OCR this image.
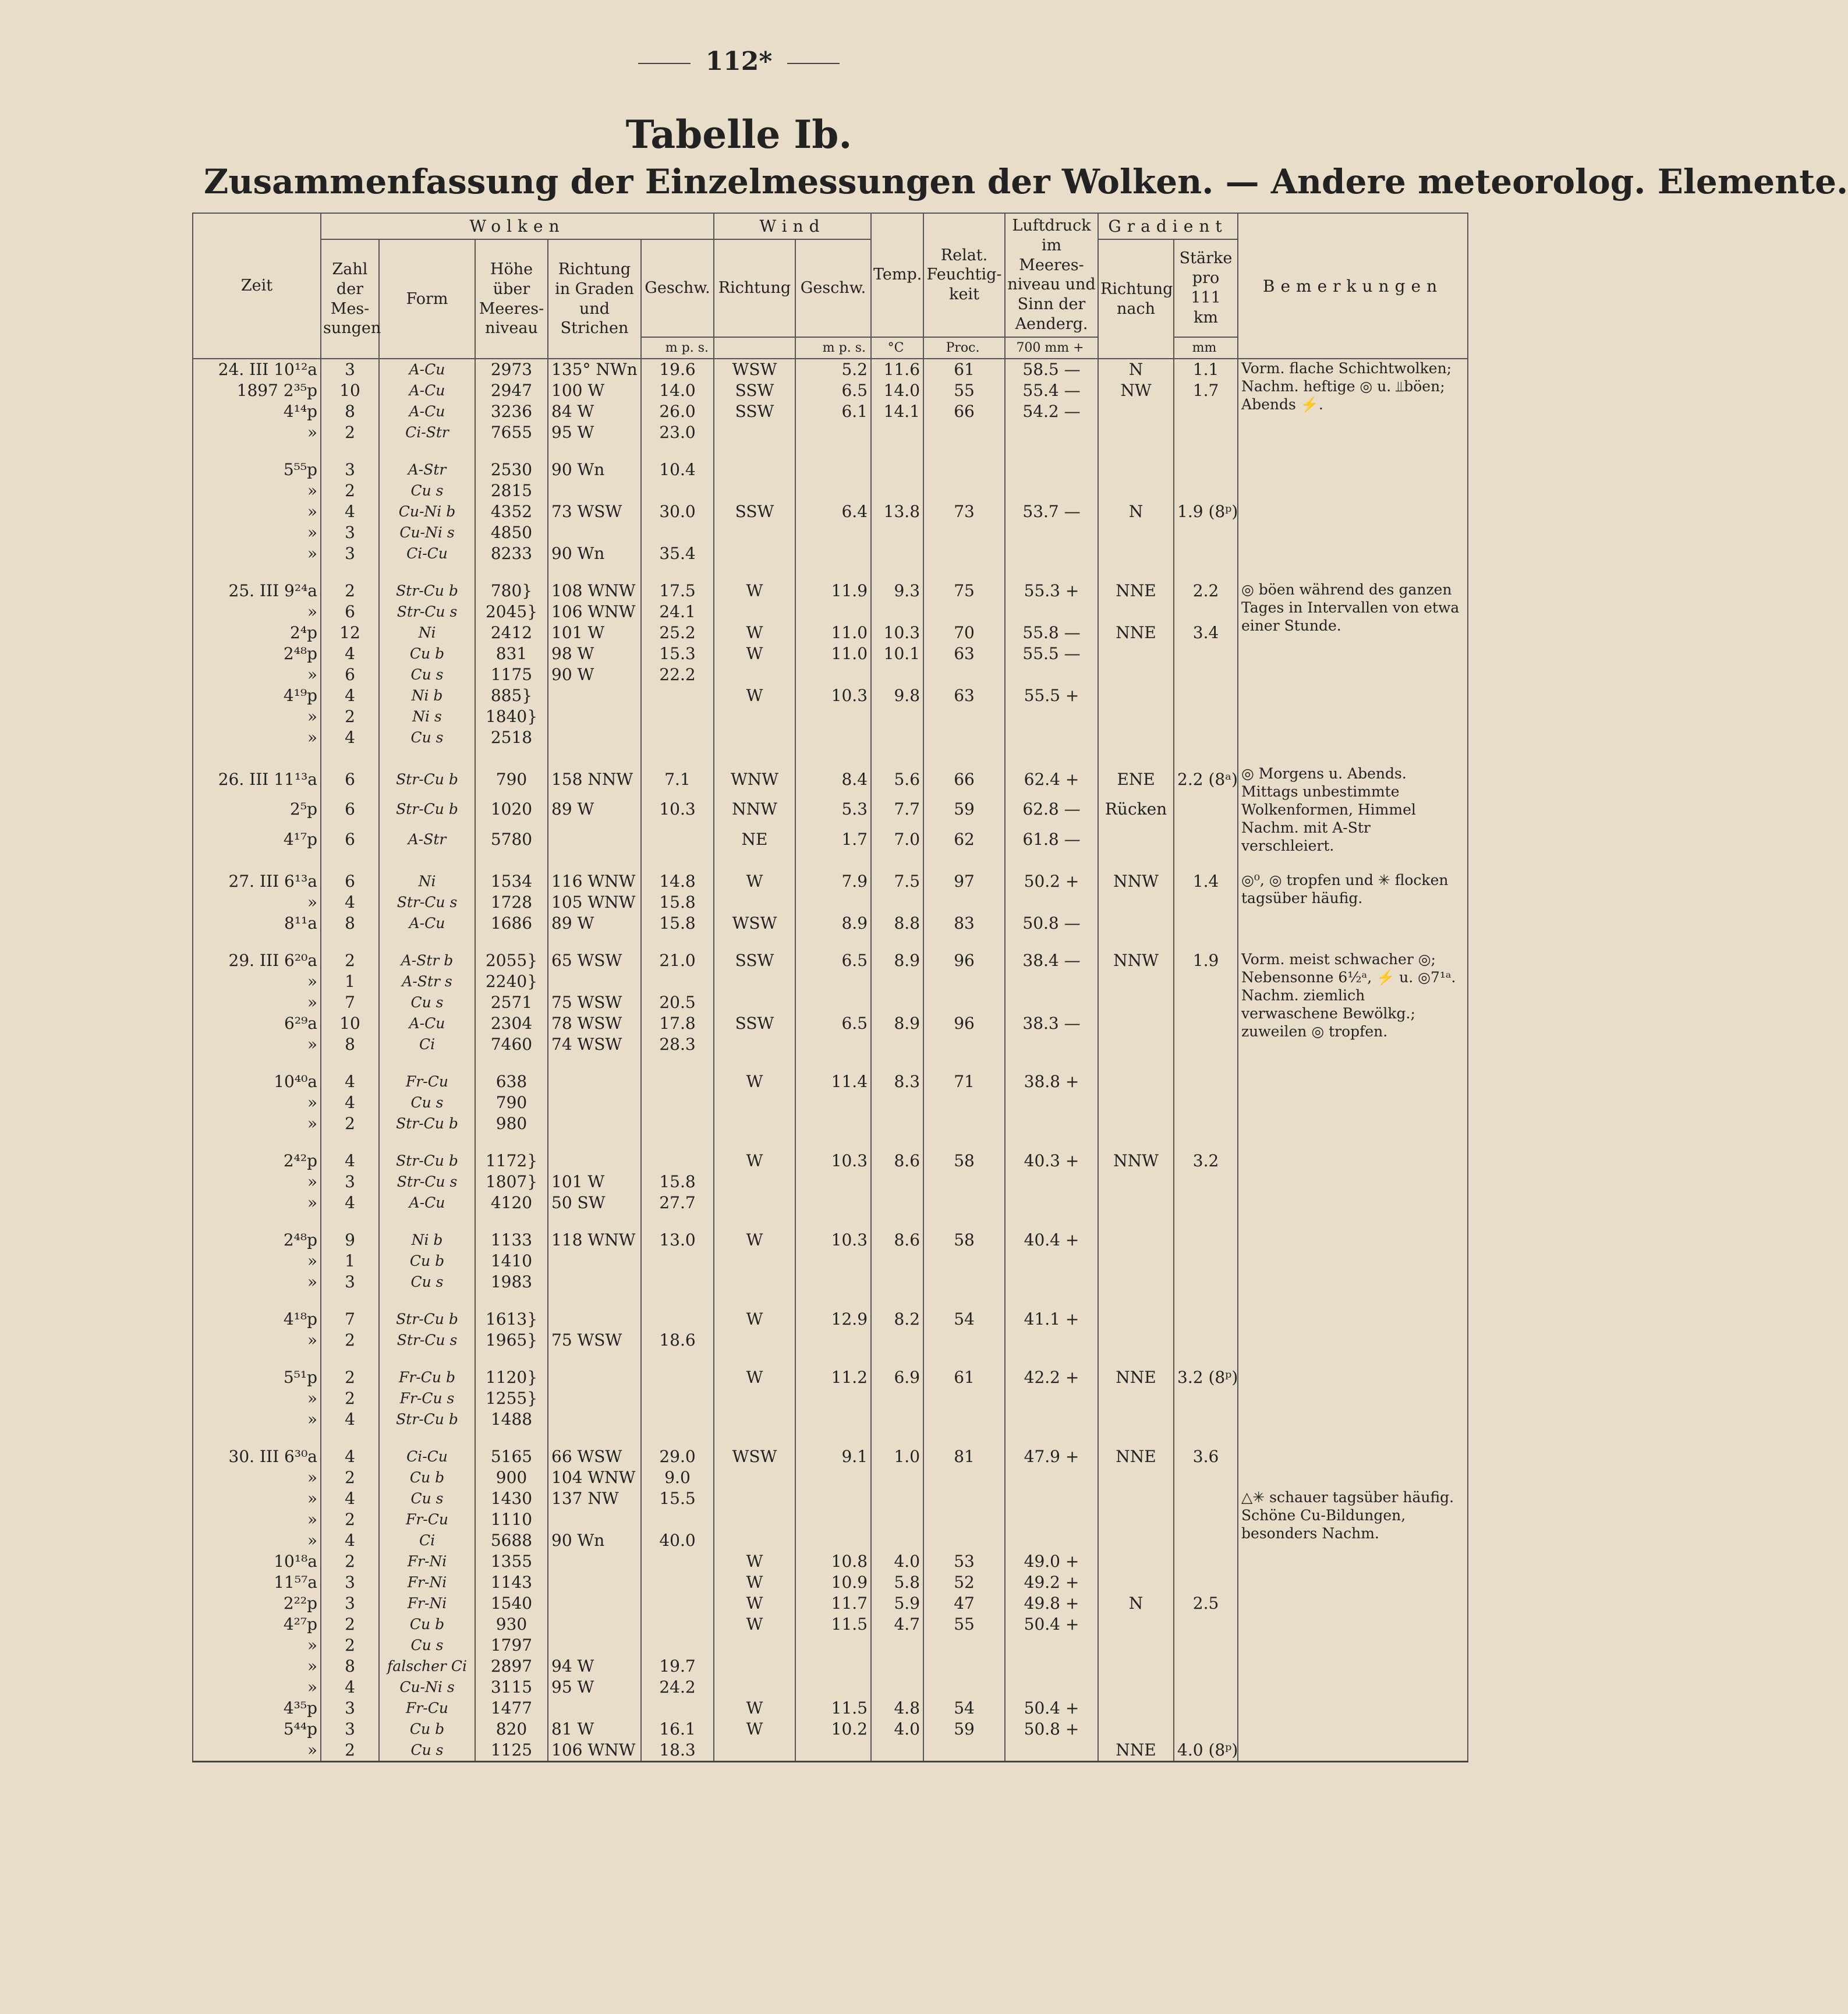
112*
Tabelle Ib.
Zusammenfassung der Einzelmessungen der Wolken. — Andere meteorolog. Elemente.
Zeit	Wolken					Wind		Temp.	Relat. Feuchtig- keit	Luftdruck im Meeres- niveau und Sinn der Aenderg.	Gradient		Bemerkungen
	Zahl der Mes- sungen	Form	Höhe über Meeres- niveau	Richtung in Graden und Strichen	Geschw.	Richtung	Geschw.				Richtung nach	Stärke pro 111 km	
					m p. s.		m p. s.	°C	Proc.	700 mm +		mm	
24. III 10¹²a	3	A-Cu	2973	135° NWn	19.6	WSW	5.2	11.6	61	58.5 —	N	1.1	Vorm. flache Schichtwolken; Nachm. heftige ◎ u. ⫫böen; Abends ⚡.
1897 2³⁵p	10	A-Cu	2947	100 W	14.0	SSW	6.5	14.0	55	55.4 —	NW	1.7	
4¹⁴p	8	A-Cu	3236	84 W	26.0	SSW	6.1	14.1	66	54.2 —			
»	2	Ci-Str	7655	95 W	23.0								

5⁵⁵p	3	A-Str	2530	90 Wn	10.4								
»	2	Cu s	2815										
»	4	Cu-Ni b	4352	73 WSW	30.0	SSW	6.4	13.8	73	53.7 —	N	1.9 (8ᵖ)	
»	3	Cu-Ni s	4850										
»	3	Ci-Cu	8233	90 Wn	35.4								

25. III 9²⁴a	2	Str-Cu b	780}	108 WNW	17.5	W	11.9	9.3	75	55.3 +	NNE	2.2	◎ böen während des ganzen Tages in Intervallen von etwa einer Stunde.
»	6	Str-Cu s	2045}	106 WNW	24.1								
2⁴p	12	Ni	2412	101 W	25.2	W	11.0	10.3	70	55.8 —	NNE	3.4	
2⁴⁸p	4	Cu b	831	98 W	15.3	W	11.0	10.1	63	55.5 —			
»	6	Cu s	1175	90 W	22.2								
4¹⁹p	4	Ni b	885}			W	10.3	9.8	63	55.5 +			
»	2	Ni s	1840}										
»	4	Cu s	2518										

26. III 11¹³a	6	Str-Cu b	790	158 NNW	7.1	WNW	8.4	5.6	66	62.4 +	ENE	2.2 (8ᵃ)	◎ Morgens u. Abends. Mittags unbestimmte Wolkenformen, Himmel Nachm. mit A-Str verschleiert.
2⁵p	6	Str-Cu b	1020	89 W	10.3	NNW	5.3	7.7	59	62.8 —	Rücken		
4¹⁷p	6	A-Str	5780			NE	1.7	7.0	62	61.8 —			

27. III 6¹³a	6	Ni	1534	116 WNW	14.8	W	7.9	7.5	97	50.2 +	NNW	1.4	◎⁰, ◎ tropfen und ✳ flocken tagsüber häufig.
»	4	Str-Cu s	1728	105 WNW	15.8								
8¹¹a	8	A-Cu	1686	89 W	15.8	WSW	8.9	8.8	83	50.8 —			

29. III 6²⁰a	2	A-Str b	2055}	65 WSW	21.0	SSW	6.5	8.9	96	38.4 —	NNW	1.9	Vorm. meist schwacher ◎; Nebensonne 6½ᵃ, ⚡ u. ◎7¹ᵃ. Nachm. ziemlich verwaschene Bewölkg.; zuweilen ◎ tropfen.
»	1	A-Str s	2240}										
»	7	Cu s	2571	75 WSW	20.5								
6²⁹a	10	A-Cu	2304	78 WSW	17.8	SSW	6.5	8.9	96	38.3 —			
»	8	Ci	7460	74 WSW	28.3								

10⁴⁰a	4	Fr-Cu	638			W	11.4	8.3	71	38.8 +			
»	4	Cu s	790										
»	2	Str-Cu b	980										

2⁴²p	4	Str-Cu b	1172}			W	10.3	8.6	58	40.3 +	NNW	3.2	
»	3	Str-Cu s	1807}	101 W	15.8								
»	4	A-Cu	4120	50 SW	27.7								

2⁴⁸p	9	Ni b	1133	118 WNW	13.0	W	10.3	8.6	58	40.4 +			
»	1	Cu b	1410										
»	3	Cu s	1983										

4¹⁸p	7	Str-Cu b	1613}			W	12.9	8.2	54	41.1 +			
»	2	Str-Cu s	1965}	75 WSW	18.6								

5⁵¹p	2	Fr-Cu b	1120}			W	11.2	6.9	61	42.2 +	NNE	3.2 (8ᵖ)	
»	2	Fr-Cu s	1255}										
»	4	Str-Cu b	1488										

30. III 6³⁰a	4	Ci-Cu	5165	66 WSW	29.0	WSW	9.1	1.0	81	47.9 +	NNE	3.6	
»	2	Cu b	900	104 WNW	9.0								
»	4	Cu s	1430	137 NW	15.5								△✳ schauer tagsüber häufig. Schöne Cu-Bildungen, besonders Nachm.
»	2	Fr-Cu	1110										
»	4	Ci	5688	90 Wn	40.0								
10¹⁸a	2	Fr-Ni	1355			W	10.8	4.0	53	49.0 +			
11⁵⁷a	3	Fr-Ni	1143			W	10.9	5.8	52	49.2 +			
2²²p	3	Fr-Ni	1540			W	11.7	5.9	47	49.8 +	N	2.5	
4²⁷p	2	Cu b	930			W	11.5	4.7	55	50.4 +			
»	2	Cu s	1797										
»	8	falscher Ci	2897	94 W	19.7								
»	4	Cu-Ni s	3115	95 W	24.2								
4³⁵p	3	Fr-Cu	1477			W	11.5	4.8	54	50.4 +			
5⁴⁴p	3	Cu b	820	81 W	16.1	W	10.2	4.0	59	50.8 +			
»	2	Cu s	1125	106 WNW	18.3						NNE	4.0 (8ᵖ)	
